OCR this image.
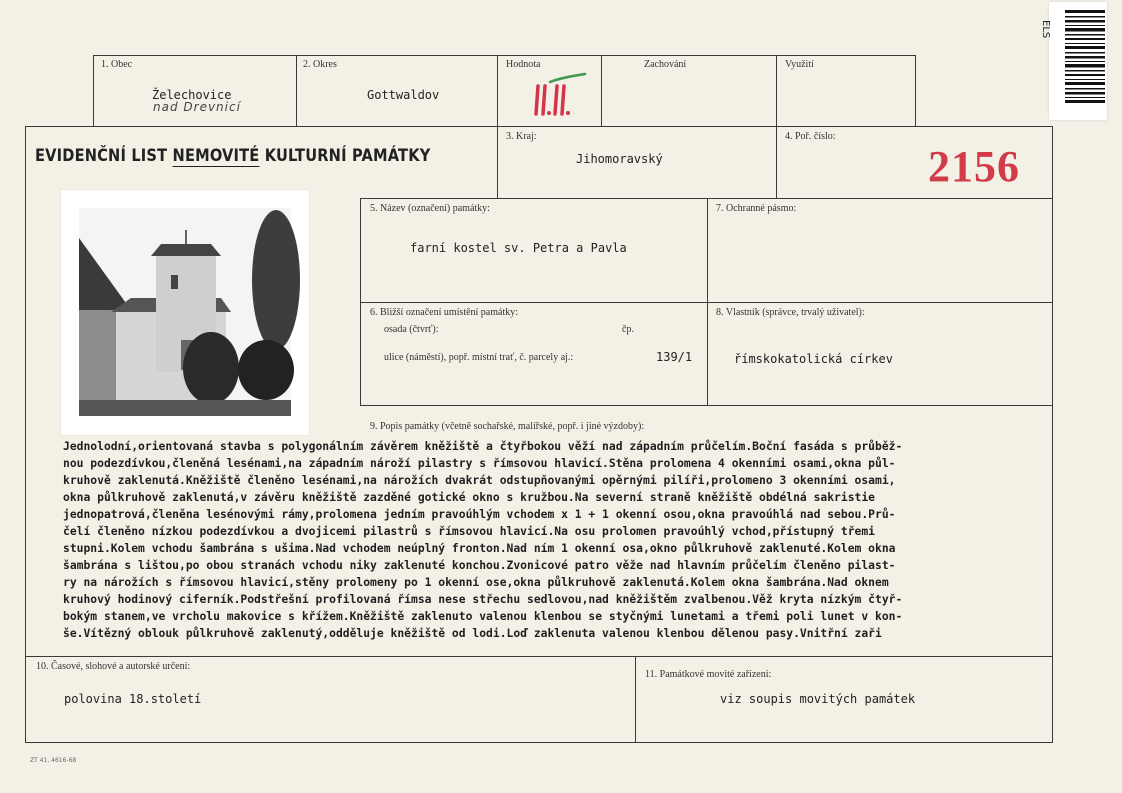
1. Obec
Želechovice
nad Drevnicí
2. Okres
Gottwaldov
Hodnota	Zachování	Využití
EVIDENČNÍ LIST NEMOVITÉ KULTURNÍ PAMÁTKY
3. Kraj:
Jihomoravský
4. Poř. číslo:
2156
5. Název (označení) památky:
farní kostel sv. Petra a Pavla
7. Ochranné pásmo:
6. Bližší označení umístění památky:
osada (čtvrť):	čp.
ulice (náměstí), popř. místní trať, č. parcely aj.:	139/1
8. Vlastník (správce, trvalý uživatel):
římskokatolická církev
9. Popis památky (včetně sochařské, malířské, popř. i jiné výzdoby):
Jednolodní,orientovaná stavba s polygonálním závěrem kněžiště a čtyřbokou věží nad západním průčelím.Boční fasáda s průběž-
nou podezdívkou,členěná lesénami,na západním nároží pilastry s římsovou hlavicí.Stěna prolomena 4 okenními osami,okna půl-
kruhově zaklenutá.Kněžiště členěno lesénami,na nárožích dvakrát odstupňovanými opěrnými pilíři,prolomeno 3 okenními osami,
okna půlkruhově zaklenutá,v závěru kněžiště zazděné gotické okno s kružbou.Na severní straně kněžiště obdélná sakristie
jednopatrová,členěna lesénovými rámy,prolomena jedním pravoúhlým vchodem x 1 + 1 okenní osou,okna pravoúhlá nad sebou.Prů-
čelí členěno nízkou podezdívkou a dvojicemi pilastrů s římsovou hlavicí.Na osu prolomen pravoúhlý vchod,přístupný třemi
stupni.Kolem vchodu šambrána s ušima.Nad vchodem neúplný fronton.Nad ním 1 okenní osa,okno půlkruhově zaklenuté.Kolem okna
šambrána s lištou,po obou stranách vchodu niky zaklenuté konchou.Zvonicové patro věže nad hlavním průčelím členěno pilast-
ry na nárožích s římsovou hlavicí,stěny prolomeny po 1 okenní ose,okna půlkruhově zaklenutá.Kolem okna šambrána.Nad oknem
kruhový hodinový ciferník.Podstřešní profilovaná římsa nese střechu sedlovou,nad kněžištěm zvalbenou.Věž kryta nízkým čtyř-
bokým stanem,ve vrcholu makovice s křížem.Kněžiště zaklenuto valenou klenbou se styčnými lunetami a třemi poli lunet v kon-
še.Vítězný oblouk půlkruhově zaklenutý,odděluje kněžiště od lodi.Loď zaklenuta valenou klenbou dělenou pasy.Vnitřní zaři
10. Časové, slohové a autorské určení:
polovina 18.století
11. Památkové movité zařízení:
viz soupis movitých památek
ZT 41, 4616-68
ELS
